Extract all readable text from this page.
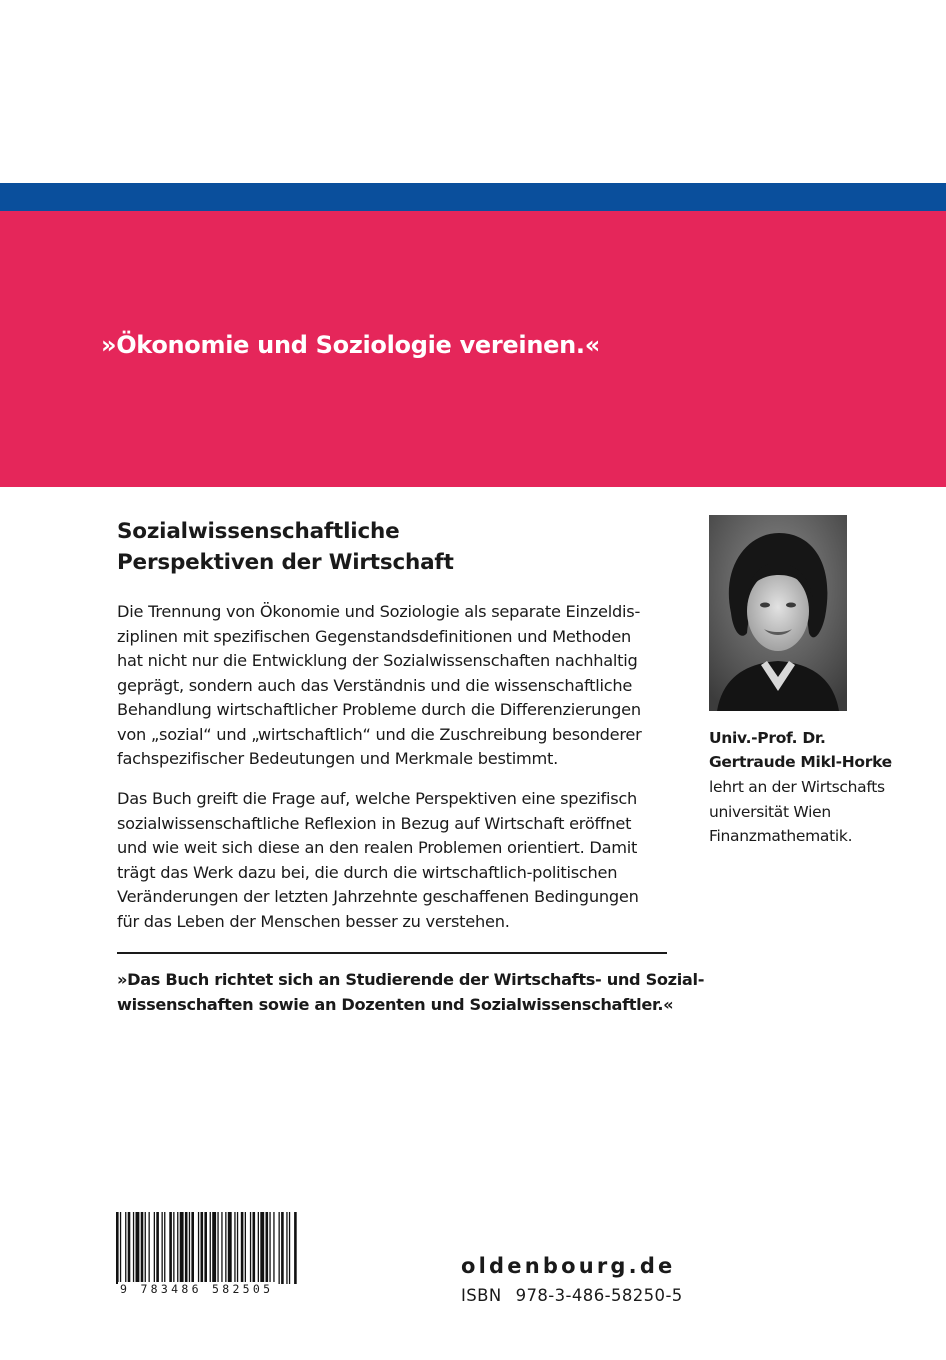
»Ökonomie und Soziologie vereinen.«

Sozialwissenschaftliche
Perspektiven der Wirtschaft
Die Trennung von Ökonomie und Soziologie als separate Einzeldis-
ziplinen mit spezifischen Gegenstandsdefinitionen und Methoden
hat nicht nur die Entwicklung der Sozialwissenschaften nachhaltig
geprägt, sondern auch das Verständnis und die wissenschaftliche
Behandlung wirtschaftlicher Probleme durch die Differenzierungen
von „sozial“ und „wirtschaftlich“ und die Zuschreibung besonderer
fachspezifischer Bedeutungen und Merkmale bestimmt.
Das Buch greift die Frage auf, welche Perspektiven eine spezifisch
sozialwissenschaftliche Reflexion in Bezug auf Wirtschaft eröffnet
und wie weit sich diese an den realen Problemen orientiert. Damit
trägt das Werk dazu bei, die durch die wirtschaftlich-politischen
Veränderungen der letzten Jahrzehnte geschaffenen Bedingungen
für das Leben der Menschen besser zu verstehen.
»Das Buch richtet sich an Studierende der Wirtschafts- und Sozial-
wissenschaften sowie an Dozenten und Sozialwissenschaftler.«
Univ.-Prof. Dr.
Gertraude Mikl-Horke
lehrt an der Wirtschafts
universität Wien
Finanzmathematik.
9 783486 582505

oldenbourg.de

ISBN 978-3-486-58250-5
